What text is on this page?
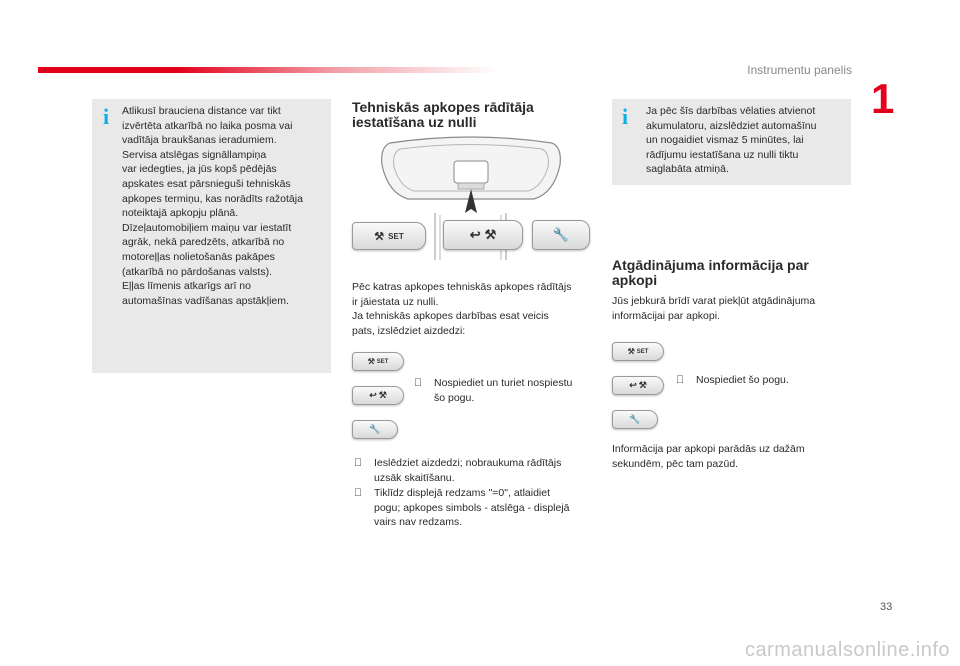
Instrumentu panelis
1
i Atlikusī brauciena distance var tikt
izvērtēta atkarībā no laika posma vai
vadītāja braukšanas ieradumiem.
Servisa atslēgas signāllampiņa
var iedegties, ja jūs kopš pēdējās
apskates esat pārsnieguši tehniskās
apkopes termiņu, kas norādīts ražotāja
noteiktajā apkopju plānā.
Dīzeļautomobiļiem maiņu var iestatīt
agrāk, nekā paredzēts, atkarībā no
motoreļļas nolietošanās pakāpes
(atkarībā no pārdošanas valsts).
Eļļas līmenis atkarīgs arī no
automašīnas vadīšanas apstākļiem.
Tehniskās apkopes rādītāja
iestatīšana uz nulli
⚒ SET	↩ ⚒	🔧
Pēc katras apkopes tehniskās apkopes rādītājs
ir jāiestata uz nulli.
Ja tehniskās apkopes darbības esat veicis
pats, izslēdziet aizdedzi:
⚒ SET
↩ ⚒
🔧
Nospiediet un turiet nospiestu
šo pogu.
Ieslēdziet aizdedzi; nobraukuma rādītājs
uzsāk skaitīšanu.
Tiklīdz displejā redzams "=0", atlaidiet
pogu; apkopes simbols - atslēga - displejā
vairs nav redzams.
i Ja pēc šīs darbības vēlaties atvienot
akumulatoru, aizslēdziet automašīnu
un nogaidiet vismaz 5 minūtes, lai
rādījumu iestatīšana uz nulli tiktu
saglabāta atmiņā.
Atgādinājuma informācija par
apkopi
Jūs jebkurā brīdī varat piekļūt atgādinājuma
informācijai par apkopi.
⚒ SET
↩ ⚒
🔧
Nospiediet šo pogu.
Informācija par apkopi parādās uz dažām
sekundēm, pēc tam pazūd.
33
carmanualsonline.info
